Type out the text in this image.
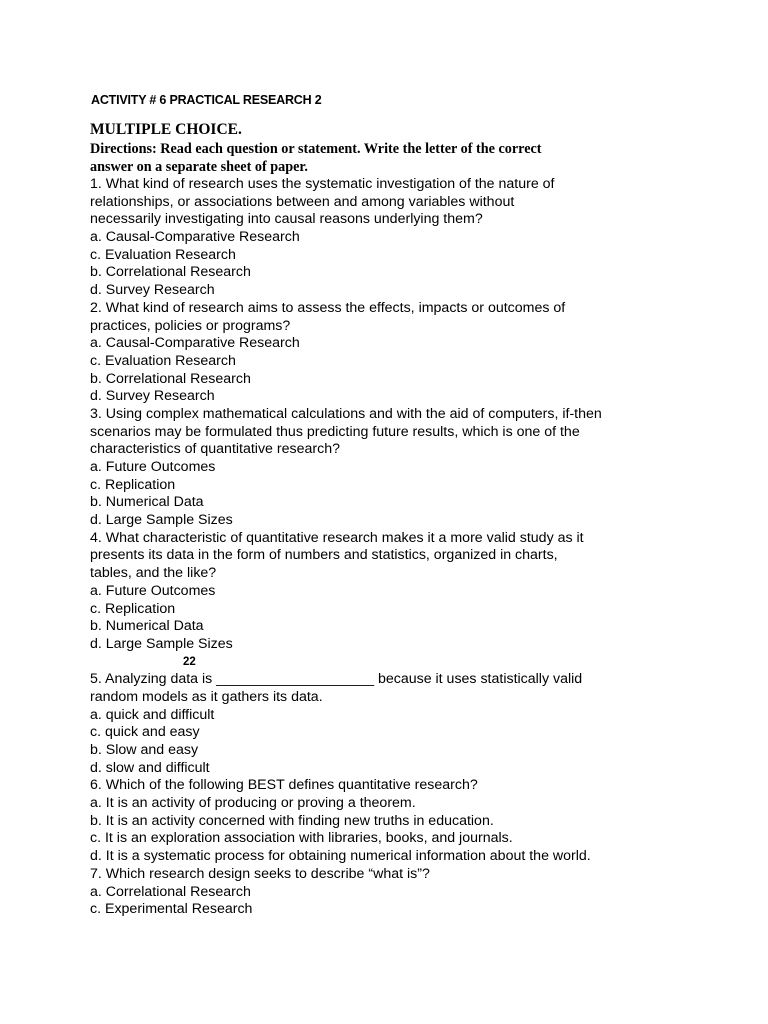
ACTIVITY # 6 PRACTICAL RESEARCH 2
MULTIPLE CHOICE.
Directions: Read each question or statement. Write the letter of the correct
answer on a separate sheet of paper.
1. What kind of research uses the systematic investigation of the nature of
relationships, or associations between and among variables without
necessarily investigating into causal reasons underlying them?
a. Causal-Comparative Research
c. Evaluation Research
b. Correlational Research
d. Survey Research
2. What kind of research aims to assess the effects, impacts or outcomes of
practices, policies or programs?
a. Causal-Comparative Research
c. Evaluation Research
b. Correlational Research
d. Survey Research
3. Using complex mathematical calculations and with the aid of computers, if-then
scenarios may be formulated thus predicting future results, which is one of the
characteristics of quantitative research?
a. Future Outcomes
c. Replication
b. Numerical Data
d. Large Sample Sizes
4. What characteristic of quantitative research makes it a more valid study as it
presents its data in the form of numbers and statistics, organized in charts,
tables, and the like?
a. Future Outcomes
c. Replication
b. Numerical Data
d. Large Sample Sizes
22
5. Analyzing data is ____________________ because it uses statistically valid
random models as it gathers its data.
a. quick and difficult
c. quick and easy
b. Slow and easy
d. slow and difficult
6. Which of the following BEST defines quantitative research?
a. It is an activity of producing or proving a theorem.
b. It is an activity concerned with finding new truths in education.
c. It is an exploration association with libraries, books, and journals.
d. It is a systematic process for obtaining numerical information about the world.
7. Which research design seeks to describe “what is”?
a. Correlational Research
c. Experimental Research
